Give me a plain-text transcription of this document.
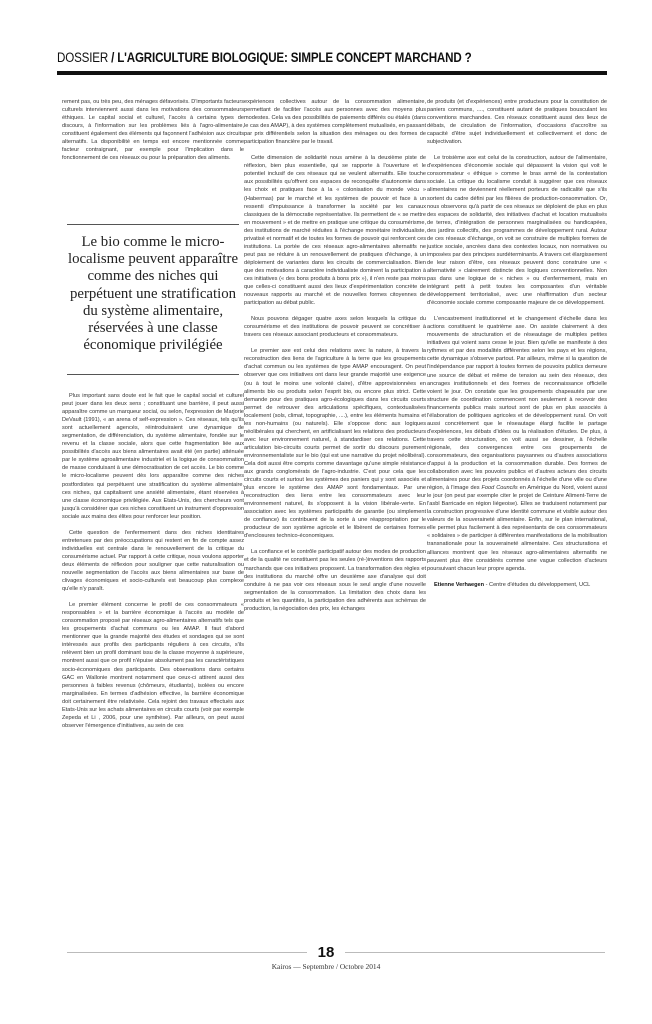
DOSSIER / L'AGRICULTURE BIOLOGIQUE: SIMPLE CONCEPT MARCHAND ?

rement pas, ou très peu, des ménages défavorisés. D'importants facteurs culturels interviennent aussi dans les motivations des consommateurs éthiques. Le capital social et culturel, l'accès à certains types de discours, à l'information sur les problèmes liés à l'agro-alimentaire, constituent également des éléments qui façonnent l'adhésion aux circuits alternatifs. La disponibilité en temps est encore mentionnée comme facteur contraignant, par exemple pour l'implication dans le fonctionnement de ces réseaux ou pour la préparation des aliments.

Le bio comme le micro-localisme peuvent apparaître comme des niches qui perpétuent une stratification du système alimentaire, réservées à une classe économique privilégiée

Plus important sans doute est le fait que le capital social et culturel peut jouer dans les deux sens ; constituant une barrière, il peut aussi apparaître comme un marqueur social, ou selon, l'expression de Marjorie DeVault (1991), « an arena of self-expression ». Ces réseaux, tels qu'ils sont actuellement agencés, réintroduiraient une dynamique de segmentation, de différenciation, du système alimentaire, fondée sur le revenu et la classe sociale, alors que cette fragmentation liée aux possibilités d'accès aux biens alimentaires avait été (en partie) atténuée par le système agroalimentaire industriel et la logique de consommation de masse conduisant à une démocratisation de cet accès. Le bio comme le micro-localisme peuvent dès lors apparaître comme des niches postfordistes qui perpétuent une stratification du système alimentaire, ces niches, qui capitalisent une anxiété alimentaire, étant réservées à une classe économique privilégiée. Aux Etats-Unis, des chercheurs vont jusqu'à considérer que ces niches constituent un instrument d'oppression sociale aux mains des élites pour renforcer leur position.

Cette question de l'enfermement dans des niches identitaires entretenues par des préoccupations qui restent en fin de compte assez individuelles est centrale dans le renouvellement de la critique du consumérisme actuel. Par rapport à cette critique, nous voulons apporter deux éléments de réflexion pour souligner que cette naturalisation ou nouvelle segmentation de l'accès aux biens alimentaires sur base de clivages économiques et socio-culturels est beaucoup plus complexe qu'elle n'y paraît.

Le premier élément concerne le profil de ces consommateurs « responsables » et la barrière économique à l'accès au modèle de consommation proposé par réseaux agro-alimentaires alternatifs tels que les groupements d'achat communs ou les AMAP. Il faut d'abord mentionner que la grande majorité des études et sondages qui se sont intéressés aux profils des participants réguliers à ces circuits, s'ils relèvent bien un profil dominant issu de la classe moyenne à supérieure, montrent aussi que ce profil n'épuise absolument pas les caractéristiques socio-économiques des participants. Des observations dans certains GAC en Wallonie montrent notamment que ceux-ci attirent aussi des personnes à faibles revenus (chômeurs, étudiants), isolées ou encore marginalisées. En termes d'adhésion effective, la barrière économique doit certainement être relativisée. Cela rejoint des travaux effectués aux Etats-Unis sur les achats alimentaires en circuits courts (voir par exemple Zepeda et Li , 2006, pour une synthèse). Par ailleurs, on peut aussi observer l'émergence d'initiatives, au sein de ces

expériences collectives autour de la consommation alimentaire, permettant de faciliter l'accès aux personnes avec des moyens plus modestes. Cela va des possibilités de paiements différés ou étalés (dans le cas des AMAP), à des systèmes complètement mutualisés, en passant par prix différentiels selon la situation des ménages ou des formes de participation financière par le travail.

Cette dimension de solidarité nous amène à la deuxième piste de réflexion, bien plus essentielle, qui se rapporte à l'ouverture et le potentiel inclusif de ces réseaux qui se veulent alternatifs. Elle touche aux possibilités qu'offrent ces espaces de reconquête d'autonomie dans les choix et pratiques face à la « colonisation du monde vécu » (Habermas) par le marché et les systèmes de pouvoir et face à un ressenti d'impuissance à transformer la société par les canaux classiques de la démocratie représentative. Ils permettent de « se mettre en mouvement » et de mettre en pratique une critique du consumérisme, des institutions de marché réduites à l'échange monétaire individualiste, privatisé et normatif et de toutes les formes de pouvoir qui renforcent ces institutions. La portée de ces réseaux agro-alimentaires alternatifs ne peut pas se réduire à un renouvellement de pratiques d'échange, à un déploiement de variantes dans les circuits de commercialisation. Bien que des motivations à caractère individualiste dominent la participation à ces initiatives (« des bons produits à bons prix »), il n'en reste pas moins que celles-ci constituent aussi des lieux d'expérimentation concrète de nouveaux rapports au marché et de nouvelles formes citoyennes de participation au débat public.

Nous pouvons dégager quatre axes selon lesquels la critique du consumérisme et des institutions de pouvoir peuvent se concrétiser à travers ces réseaux associant producteurs et consommateurs.

Le premier axe est celui des relations avec la nature, à travers la reconstruction des liens de l'agriculture à la terre que les groupements d'achat commun ou les systèmes de type AMAP encouragent. On peut observer que ces initiatives ont dans leur grande majorité une exigence (ou à tout le moins une volonté claire), d'être approvisionnées en aliments bio ou produits selon l'esprit bio, ou encore plus strict. Cette demande pour des pratiques agro-écologiques dans les circuits courts permet de retrouver des articulations spécifiques, contextualisées localement (sols, climat, topographie, ....), entre les éléments humains et les non-humains (ou naturels). Elle s'oppose donc aux logiques néolibérales qui cherchent, en artificialisant les relations des producteurs avec leur environnement naturel, à standardiser ces relations. Cette articulation bio-circuits courts permet de sortir du discours purement environnementaliste sur le bio (qui est une narrative du projet néolibéral). Cela doit aussi être compris comme davantage qu'une simple résistance aux grands conglomérats de l'agro-industrie. C'est pour cela que les circuits courts et surtout les systèmes des paniers qui y sont associés et plus encore le système des AMAP sont fondamentaux. Par une reconstruction des liens entre les consommateurs avec leur environnement naturel, ils s'opposent à la vision libérale-verte. En association avec les systèmes participatifs de garantie (ou simplement de confiance) ils contribuent de la sorte à une réappropriation par le producteur de son système agricole et le libèrent de certaines formes d'enclosures technico-économiques.

La confiance et le contrôle participatif autour des modes de production et de la qualité ne constituent pas les seules (ré-)inventions des rapports marchands que ces initiatives proposent. La transformation des règles et des institutions du marché offre un deuxième axe d'analyse qui doit conduire à ne pas voir ces réseaux sous le seul angle d'une nouvelle segmentation de la consommation. La limitation des choix dans les produits et les quantités, la participation des adhérents aux schémas de production, la négociation des prix, les échanges

de produits (et d'expériences) entre producteurs pour la constitution de paniers communs, ...., constituent autant de pratiques bousculant les conventions marchandes. Ces réseaux constituent aussi des lieux de débats, de circulation de l'information, d'occasions d'accroître sa capacité d'être sujet individuellement et collectivement et donc de subjectivation.

Le troisième axe est celui de la construction, autour de l'alimentaire, d'expériences d'économie sociale qui dépassent la vision qui voit le consommateur « éthique » comme le bras armé de la contestation sociale. La critique du localisme conduit à suggérer que ces réseaux alimentaires ne deviennent réellement porteurs de radicalité que s'ils sortent du cadre défini par les filières de production-consommation. Or, nous observons qu'à partir de ces réseaux se déploient de plus en plus des espaces de solidarité, des initiatives d'achat et location mutualisés de terres, d'intégration de personnes marginalisées ou handicapées, des jardins collectifs, des programmes de développement rural. Autour de ces réseaux d'échange, on voit se construire de multiples formes de justice sociale, ancrées dans des contextes locaux, non normatives ou imposées par des principes surdéterminants. A travers cet élargissement de leur raison d'être, ces réseaux peuvent donc construire une « alternativité » clairement distincte des logiques conventionnelles. Non pas dans une logique de « niches » ou d'enfermement, mais en intégrant petit à petit toutes les composantes d'un véritable développement territorialisé, avec une réaffirmation d'un secteur d'économie sociale comme composante majeure de ce développement.

L'encastrement institutionnel et le changement d'échelle dans les actions constituent le quatrième axe. On assiste clairement à des mouvements de structuration et de réseautage de multiples petites initiatives qui voient sans cesse le jour. Bien qu'elle se manifeste à des rythmes et par des modalités différentes selon les pays et les régions, cette dynamique s'observe partout. Par ailleurs, même si la question de l'indépendance par rapport à toutes formes de pouvoirs publics demeure une source de débat et même de tension au sein des réseaux, des ancrages institutionnels et des formes de reconnaissance officielle voient le jour. On constate que les groupements chapeautés par une structure de coordination commencent non seulement à recevoir des financements publics mais surtout sont de plus en plus associés à l'élaboration de politiques agricoles et de développement rural. On voit aussi concrètement que le réseautage élargi facilite le partage d'expériences, les débats d'idées ou la réalisation d'études. De plus, à travers cette structuration, on voit aussi se dessiner, à l'échelle régionale, des convergences entre ces groupements de consommateurs, des organisations paysannes ou d'autres associations d'appui à la production et la consommation durable. Des formes de collaboration avec les pouvoirs publics et d'autres acteurs des circuits alimentaires pour des projets coordonnés à l'échelle d'une ville ou d'une région, à l'image des Food Councils en Amérique du Nord, voient aussi le jour (on peut par exemple citer le projet de Ceinture Aliment-Terre de l'asbl Barricade en région liégeoise). Elles se traduisent notamment par la construction progressive d'une identité commune et visible autour des valeurs de la souveraineté alimentaire. Enfin, sur le plan international, elle permet plus facilement à des représentants de ces consommateurs « solidaires » de participer à différentes manifestations de la mobilisation transnationale pour la souveraineté alimentaire. Ces structurations et alliances montrent que les réseaux agro-alimentaires alternatifs ne peuvent plus être considérés comme une vague collection d'acteurs poursuivant chacun leur propre agenda.

Etienne Verhaegen - Centre d'études du développement, UCL

18
Kairos — Septembre / Octobre 2014
